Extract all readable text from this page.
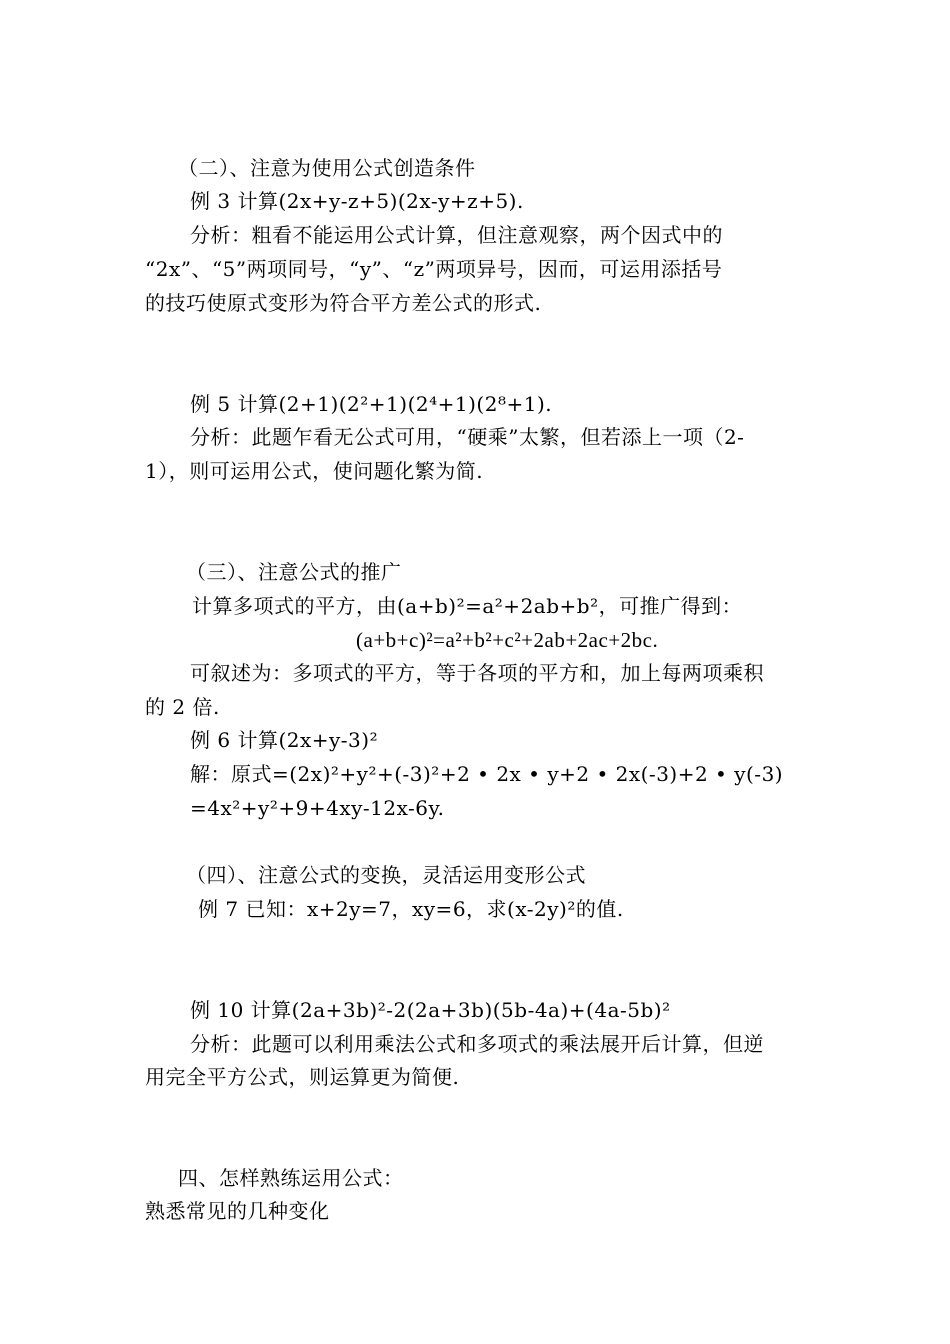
（二）、注意为使用公式创造条件
例 3 计算(2x+y-z+5)(2x-y+z+5).
分析：粗看不能运用公式计算，但注意观察，两个因式中的
“2x”、“5”两项同号，“y”、“z”两项异号，因而，可运用添括号
的技巧使原式变形为符合平方差公式的形式.
例 5 计算(2+1)(2²+1)(2⁴+1)(2⁸+1).
分析：此题乍看无公式可用，“硬乘”太繁，但若添上一项（2-
1），则可运用公式，使问题化繁为简.
（三）、注意公式的推广
计算多项式的平方，由(a+b)²=a²+2ab+b²，可推广得到：
(a+b+c)²=a²+b²+c²+2ab+2ac+2bc.
可叙述为：多项式的平方，等于各项的平方和，加上每两项乘积
的 2 倍.
例 6 计算(2x+y-3)²
解：原式=(2x)²+y²+(-3)²+2 • 2x • y+2 • 2x(-3)+2 • y(-3)
=4x²+y²+9+4xy-12x-6y.
（四）、注意公式的变换，灵活运用变形公式
例 7 已知：x+2y=7，xy=6，求(x-2y)²的值.
例 10 计算(2a+3b)²-2(2a+3b)(5b-4a)+(4a-5b)²
分析：此题可以利用乘法公式和多项式的乘法展开后计算，但逆
用完全平方公式，则运算更为简便.
四、怎样熟练运用公式：
熟悉常见的几种变化
